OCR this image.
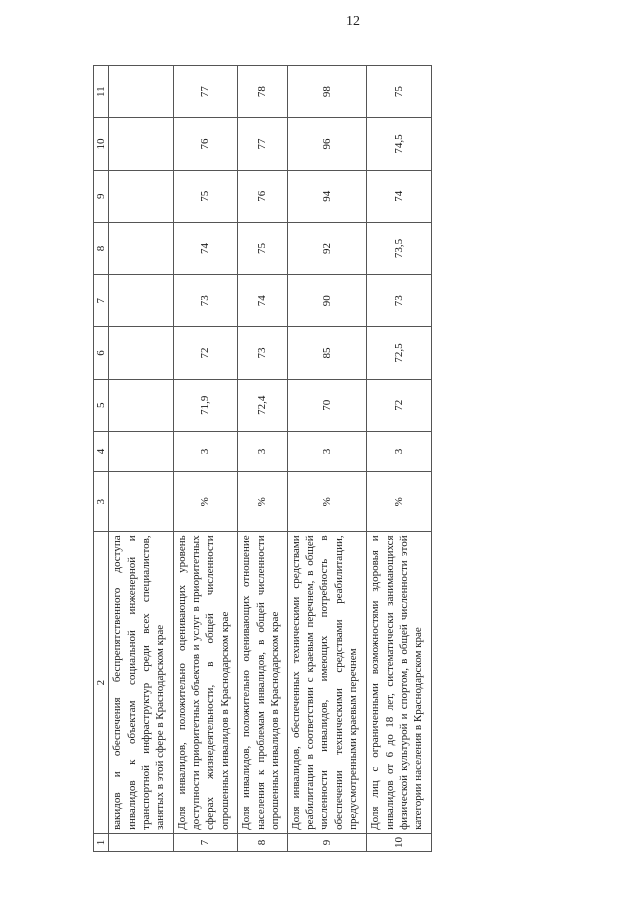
12
1	2	3	4	5	6	7	8	9	10	11
	вакидов и обеспечения беспрепятственного доступа инвалидов к объектам социальной инженерной и транспортной инфраструктур среди всех специалистов, занятых в этой сфере в Краснодарском крае									
7	Доля инвалидов, положительно оценивающих уровень доступности приоритетных объектов и услуг в приоритетных сферах жизнедеятельности, в общей численности опрошенных инвалидов в Краснодарском крае	%	3	71,9	72	73	74	75	76	77
8	Доля инвалидов, положительно оценивающих отношение населения к проблемам инвалидов, в общей численности опрошенных инвалидов в Краснодарском крае	%	3	72,4	73	74	75	76	77	78
9	Доля инвалидов, обеспеченных техническими средствами реабилитации в соответствии с краевым перечнем, в общей численности инвалидов, имеющих потребность в обеспечении техническими средствами реабилитации, предусмотренными краевым перечнем	%	3	70	85	90	92	94	96	98
10	Доля лиц с ограниченными возможностями здоровья и инвалидов от 6 до 18 лет, систематически занимающихся физической культурой и спортом, в общей численности этой категории населения в Краснодарском крае	%	3	72	72,5	73	73,5	74	74,5	75
